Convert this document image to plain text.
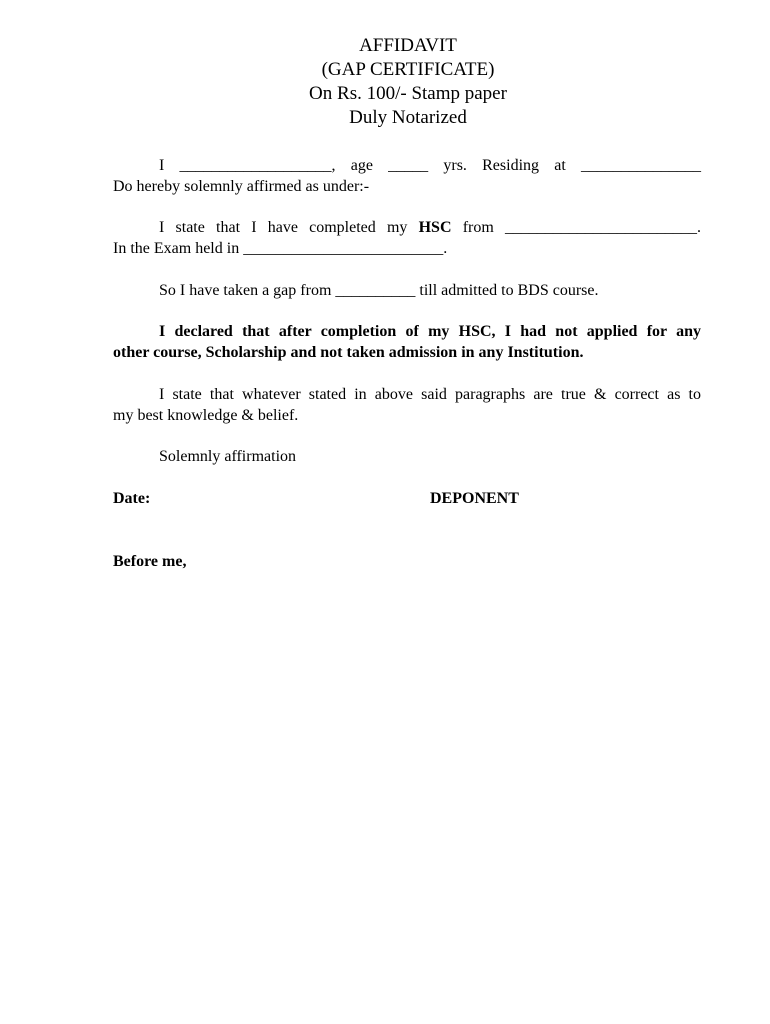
AFFIDAVIT
(GAP CERTIFICATE)
On Rs. 100/- Stamp paper
Duly Notarized
I ___________________, age _____ yrs. Residing at _______________
Do hereby solemnly affirmed as under:-
I state that I have completed my HSC from ________________________.
In the Exam held in _________________________.
So I have taken a gap from __________ till admitted to BDS course.
I declared that after completion of my HSC, I had not applied for any
other course, Scholarship and not taken admission in any Institution.
I state that whatever stated in above said paragraphs are true & correct as to
my best knowledge & belief.
Solemnly affirmation
Date:	DEPONENT
Before me,
